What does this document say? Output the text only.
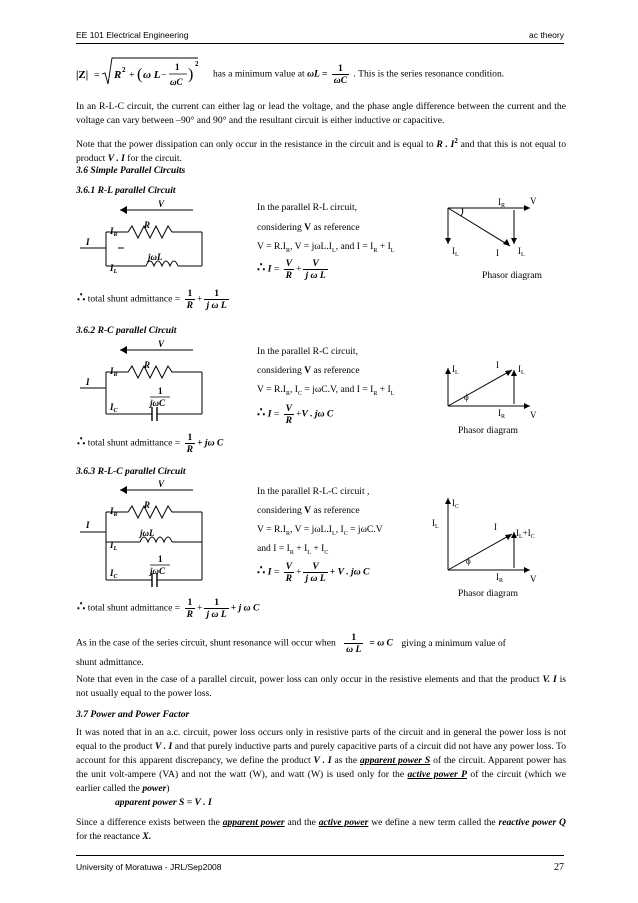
EE 101 Electrical Engineering	ac theory
|Z| = R 2 + ( ω L −
1
ωC )
2
has a minimum value at $\omega L = \frac{1}{\omega C}$ . This is the series resonance condition.
In an R-L-C circuit, the current can either lag or lead the voltage, and the phase angle difference between the current and the voltage can vary between –90° and 90° and the resultant circuit is either inductive or capacitive.
Note that the power dissipation can only occur in the resistance in the circuit and is equal to R . $I^2$ and that this is not equal to product V . I for the circuit.
3.6 Simple Parallel Circuits
3.6.1 R-L parallel Circuit
V
R
$I_R$
I
jωL
$I_L$
In the parallel R-L circuit,
considering V as reference
$V = R.I_R$, $V = j\omega L.I_L$, and $I = I_R + I_L$
∴ $I = \frac{V}{R} + \frac{V}{\text{j ω L}}$
$I_R$	V
$I_L$	I $I_L$
Phasor diagram
∴ total shunt admittance = $\frac{1}{R} + \frac{1}{\text{j ω L}}$
3.6.2 R-C parallel Circuit
V
R
$I_R$
I
1
jωC
$I_C$
In the parallel R-C circuit,
considering V as reference
$V = R.I_R$, $I_C = j\omega C.V$, and $I = I_R + I_L$
∴ $I = \frac{V}{R} +V$ . jω C
$I_L$
I $I_L$
ϕ
$I_R$	V
Phasor diagram
∴ total shunt admittance = $\frac{1}{R} + j\omega$ C
3.6.3 R-L-C parallel Circuit
V
R
$I_R$
I
jωL
$I_L$
1
jωC
$I_C$
In the parallel R-L-C circuit ,
considering V as reference
$V = R.I_R$, $V = j\omega L.I_L$, $I_C = j\omega C.V$
and $I = I_R + I_L + I_C$
∴ $I = \frac{V}{R} + \frac{V}{\text{j ω L}} + V$ . jω C
$I_C$
$I_L$	I
$I_L+I_C$
ϕ
$I_R$	V
Phasor diagram
∴ total shunt admittance = $\frac{1}{R} + \frac{1}{\text{j ω L}} + j$ ω C
As in the case of the series circuit, shunt resonance will occur when $\frac{1}{\text{ω L}} = \omega$ C giving a minimum value of
shunt admittance.
Note that even in the case of a parallel circuit, power loss can only occur in the resistive elements and that the product V. I is not usually equal to the power loss.
3.7 Power and Power Factor
It was noted that in an a.c. circuit, power loss occurs only in resistive parts of the circuit and in general the power loss is not equal to the product V . I and that purely inductive parts and purely capacitive parts of a circuit did not have any power loss. To account for this apparent discrepancy, we define the product V . I as the apparent power S of the circuit. Apparent power has the unit volt-ampere (VA) and not the watt (W), and watt (W) is used only for the active power P of the circuit (which we earlier called the power)
apparent power S = V . I
Since a difference exists between the apparent power and the active power we define a new term called the reactive power Q for the reactance X.
University of Moratuwa - JRL/Sep2008	27
